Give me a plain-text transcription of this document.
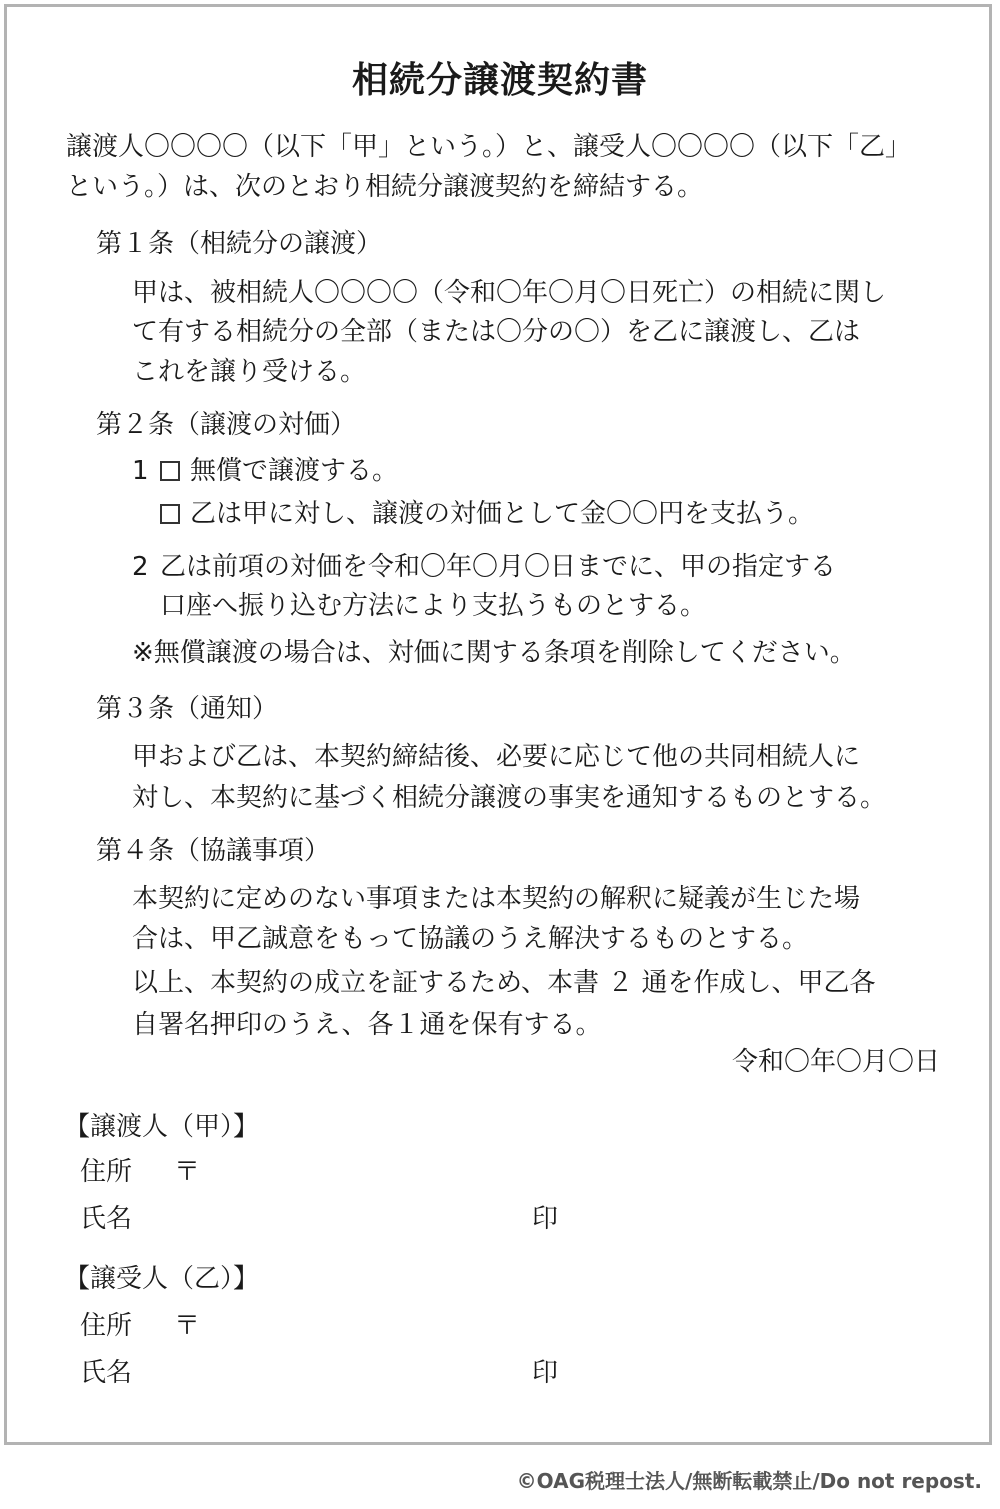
相続分譲渡契約書
譲渡人〇〇〇〇（以下「甲」という。）と、譲受人〇〇〇〇（以下「乙」
という。）は、次のとおり相続分譲渡契約を締結する。
第１条（相続分の譲渡）
甲は、被相続人〇〇〇〇（令和〇年〇月〇日死亡）の相続に関し
て有する相続分の全部（または〇分の〇）を乙に譲渡し、乙は
これを譲り受ける。
第２条（譲渡の対価）
1 無償で譲渡する。
乙は甲に対し、譲渡の対価として金〇〇円を支払う。
2 乙は前項の対価を令和〇年〇月〇日までに、甲の指定する
口座へ振り込む方法により支払うものとする。
※無償譲渡の場合は、対価に関する条項を削除してください。
第３条（通知）
甲および乙は、本契約締結後、必要に応じて他の共同相続人に
対し、本契約に基づく相続分譲渡の事実を通知するものとする。
第４条（協議事項）
本契約に定めのない事項または本契約の解釈に疑義が生じた場
合は、甲乙誠意をもって協議のうえ解決するものとする。
以上、本契約の成立を証するため、本書 ２ 通を作成し、甲乙各
自署名押印のうえ、各１通を保有する。
令和〇年〇月〇日
【譲渡人（甲）】
住所 〒
氏名	印
【譲受人（乙）】
住所 〒
氏名	印
©OAG税理士法人/無断転載禁止/Do not repost.
